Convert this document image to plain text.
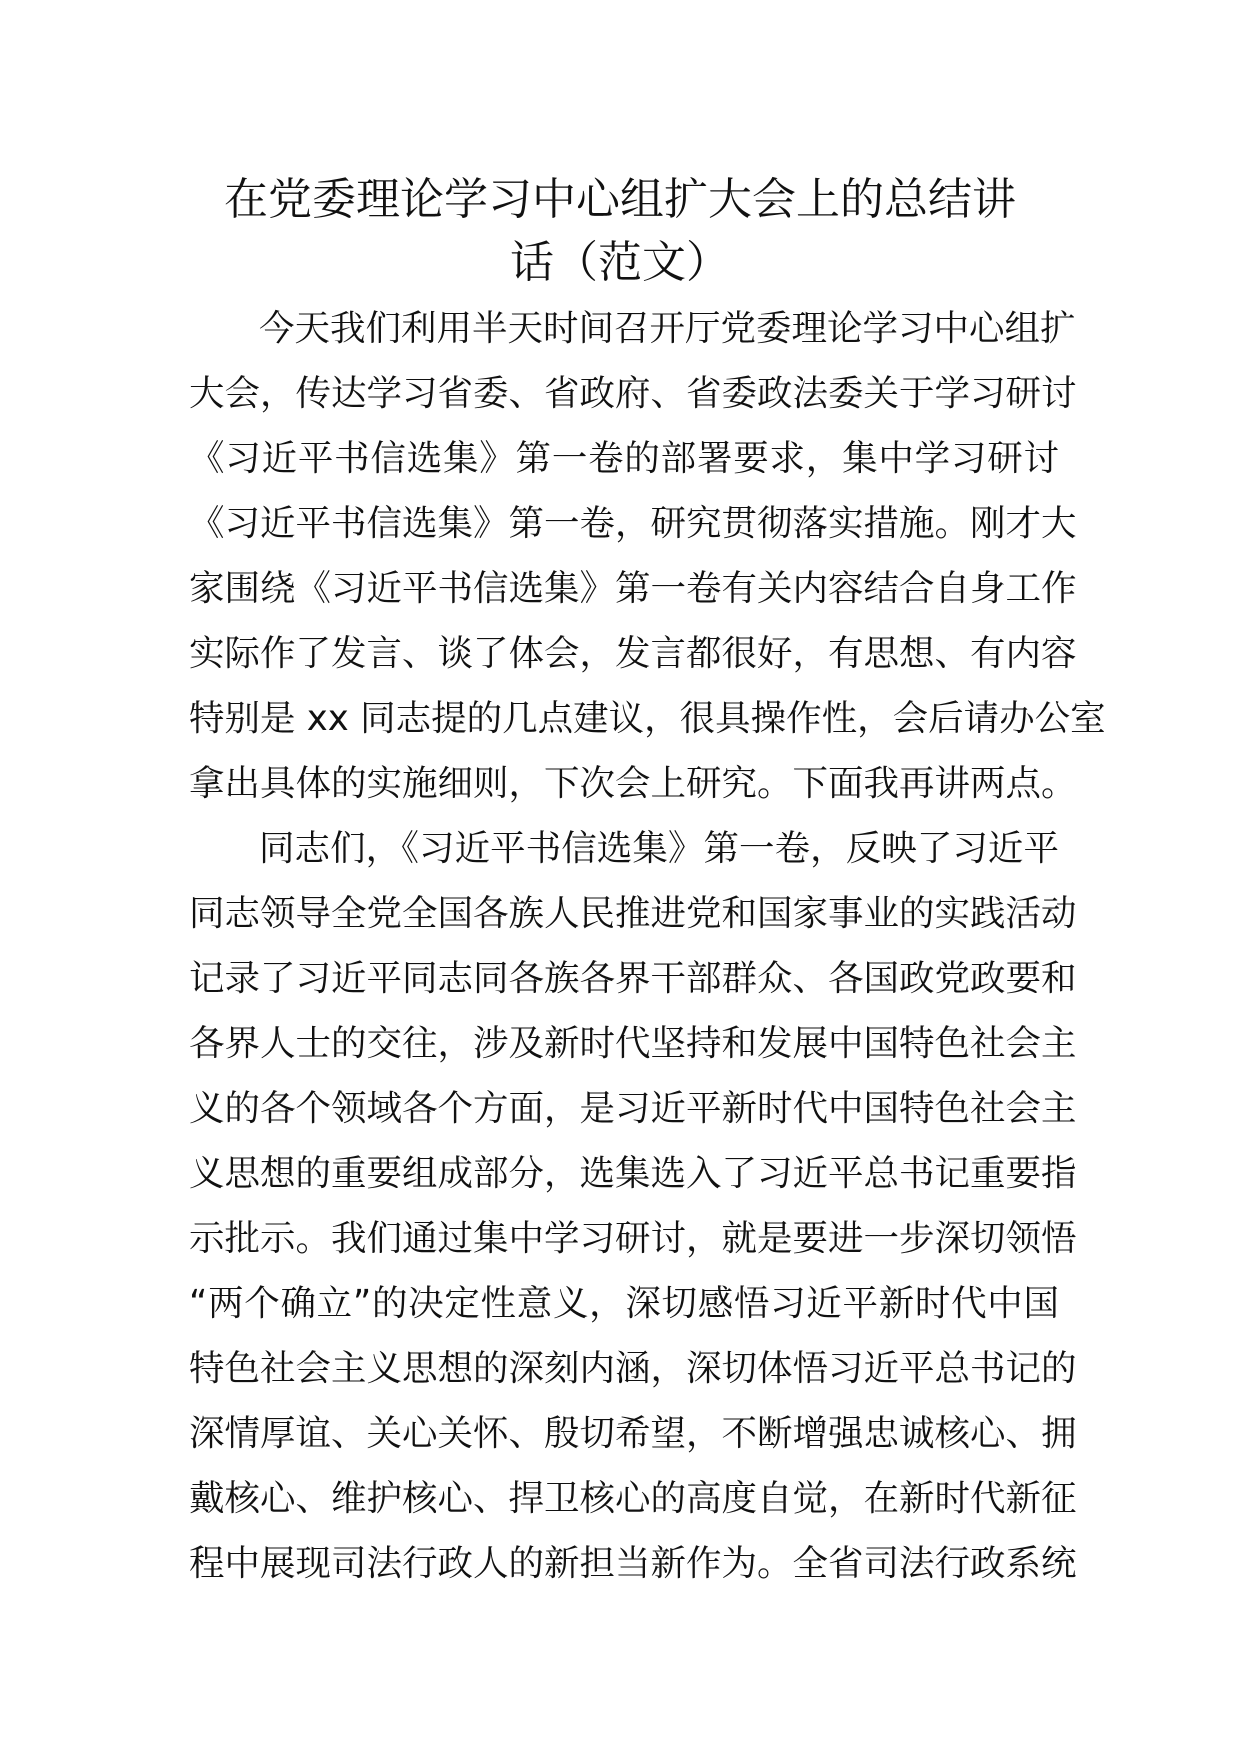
在党委理论学习中心组扩大会上的总结讲
话（范文）
今天我们利用半天时间召开厅党委理论学习中心组扩
大会，传达学习省委、省政府、省委政法委关于学习研讨
《习近平书信选集》第一卷的部署要求，集中学习研讨
《习近平书信选集》第一卷，研究贯彻落实措施。刚才大
家围绕《习近平书信选集》第一卷有关内容结合自身工作
实际作了发言、谈了体会，发言都很好，有思想、有内容
特别是 xx 同志提的几点建议，很具操作性，会后请办公室
拿出具体的实施细则，下次会上研究。下面我再讲两点。
同志们，《习近平书信选集》第一卷，反映了习近平
同志领导全党全国各族人民推进党和国家事业的实践活动
记录了习近平同志同各族各界干部群众、各国政党政要和
各界人士的交往，涉及新时代坚持和发展中国特色社会主
义的各个领域各个方面，是习近平新时代中国特色社会主
义思想的重要组成部分，选集选入了习近平总书记重要指
示批示。我们通过集中学习研讨，就是要进一步深切领悟
“两个确立”的决定性意义，深切感悟习近平新时代中国
特色社会主义思想的深刻内涵，深切体悟习近平总书记的
深情厚谊、关心关怀、殷切希望，不断增强忠诚核心、拥
戴核心、维护核心、捍卫核心的高度自觉，在新时代新征
程中展现司法行政人的新担当新作为。全省司法行政系统
